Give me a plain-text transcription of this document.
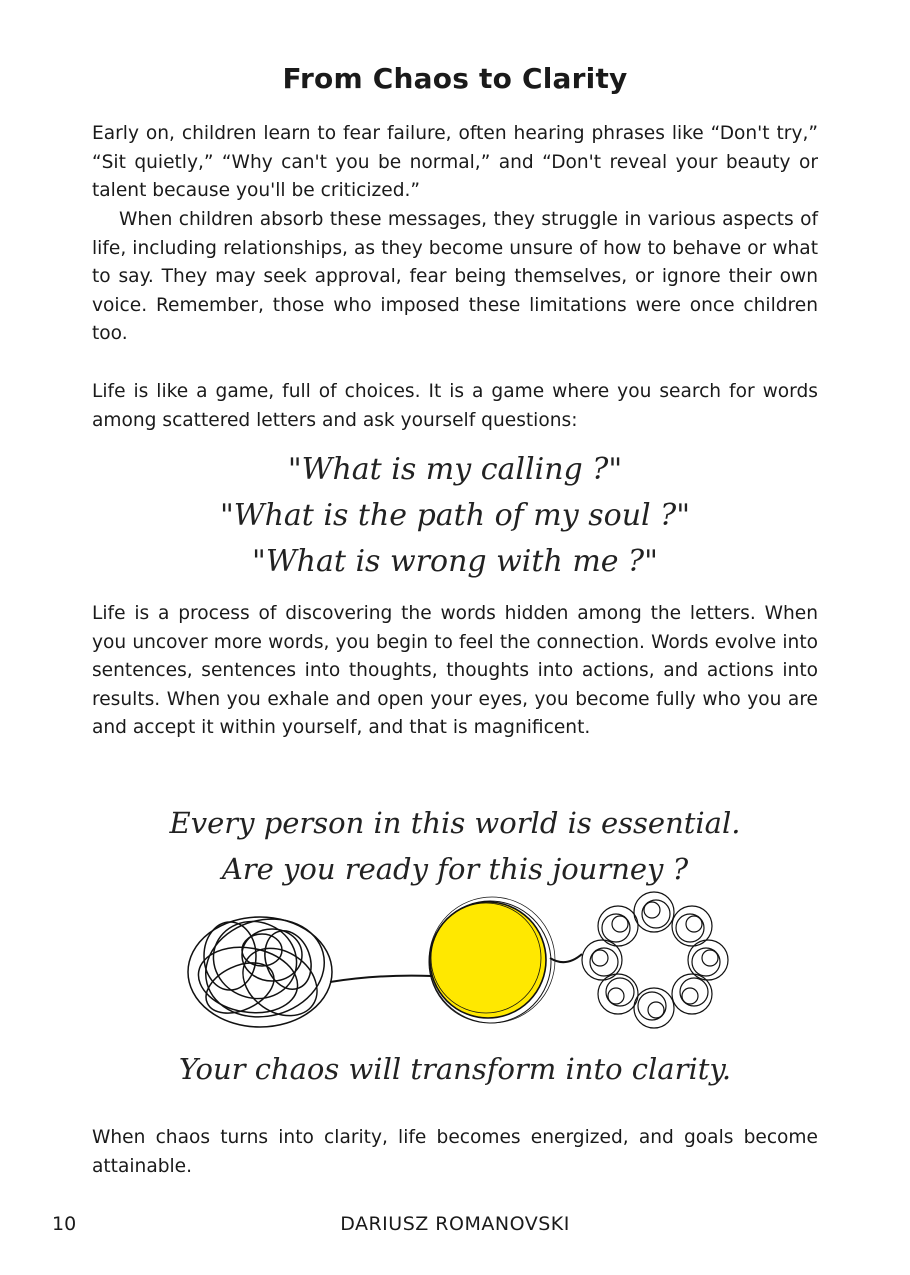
From Chaos to Clarity

Early on, children learn to fear failure, often hearing phrases like “Don't try,” “Sit quietly,” “Why can't you be normal,” and “Don't reveal your beauty or talent because you'll be criticized.”

When children absorb these messages, they struggle in various aspects of life, including relationships, as they become unsure of how to behave or what to say. They may seek approval, fear being themselves, or ignore their own voice. Remember, those who imposed these limitations were once children too.

Life is like a game, full of choices. It is a game where you search for words among scattered letters and ask yourself questions:

"What is my calling ?"

"What is the path of my soul ?"

"What is wrong with me ?"

Life is a process of discovering the words hidden among the letters. When you uncover more words, you begin to feel the connection. Words evolve into sentences, sentences into thoughts, thoughts into actions, and actions into results. When you exhale and open your eyes, you become fully who you are and accept it within yourself, and that is magnificent.

Every person in this world is essential.

Are you ready for this journey ?

Your chaos will transform into clarity.

When chaos turns into clarity, life becomes energized, and goals become attainable.

10	DARIUSZ ROMANOVSKI
